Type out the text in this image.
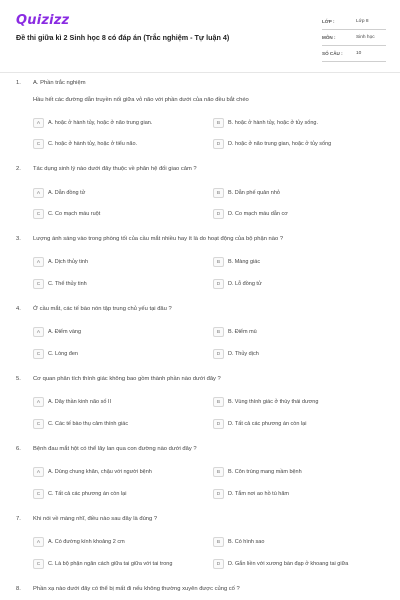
Quizizz
Đề thi giữa kì 2 Sinh học 8 có đáp án (Trắc nghiệm - Tự luận 4)
LỚP :	Lớp 8
MÔN :	Sinh học
SỐ CÂU :	10
1. A. Phần trắc nghiệm
Hầu hết các đường dẫn truyền nối giữa vỏ não với phần dưới của não đều bắt chéo
A	A. hoặc ở hành tủy, hoặc ở não trung gian.	B	B. hoặc ở hành tủy, hoặc ở tủy sống.
C	C. hoặc ở hành tủy, hoặc ở tiểu não.	D	D. hoặc ở não trung gian, hoặc ở tủy sống
2. Tác dụng sinh lý nào dưới đây thuộc về phân hệ đối giao cảm ?
A	A. Dẫn đồng tử	B	B. Dẫn phế quản nhỏ
C	C. Co mạch máu ruột	D	D. Co mạch máu dẫn cơ
3. Lượng ánh sáng vào trong phòng tối của cầu mắt nhiều hay ít là do hoạt động của bộ phận nào ?
A	A. Dịch thủy tinh	B	B. Màng giác
C	C. Thể thủy tinh	D	D. Lỗ đồng tử
4. Ở cầu mắt, các tế bào nón tập trung chủ yếu tại đâu ?
A	A. Điểm vàng	B	B. Điểm mù
C	C. Lòng đen	D	D. Thủy dịch
5. Cơ quan phân tích thính giác không bao gồm thành phần nào dưới đây ?
A	A. Dây thần kinh não số II	B	B. Vùng thính giác ở thùy thái dương
C	C. Các tế bào thụ cảm thính giác	D	D. Tất cả các phương án còn lại
6. Bệnh đau mắt hột có thể lây lan qua con đường nào dưới đây ?
A	A. Dùng chung khăn, chậu với người bệnh	B	B. Côn trùng mang mầm bệnh
C	C. Tất cả các phương án còn lại	D	D. Tắm nơi ao hồ tù hãm
7. Khi nói về màng nhĩ, điều nào sau đây là đúng ?
A	A. Có đường kính khoảng 2 cm	B	B. Có hình sao
C	C. Là bộ phận ngăn cách giữa tai giữa với tai trong	D	D. Gắn liền với xương bàn đạp ở khoang tai giữa
8. Phần xạ nào dưới đây có thể bị mất đi nếu không thường xuyên được củng cố ?
